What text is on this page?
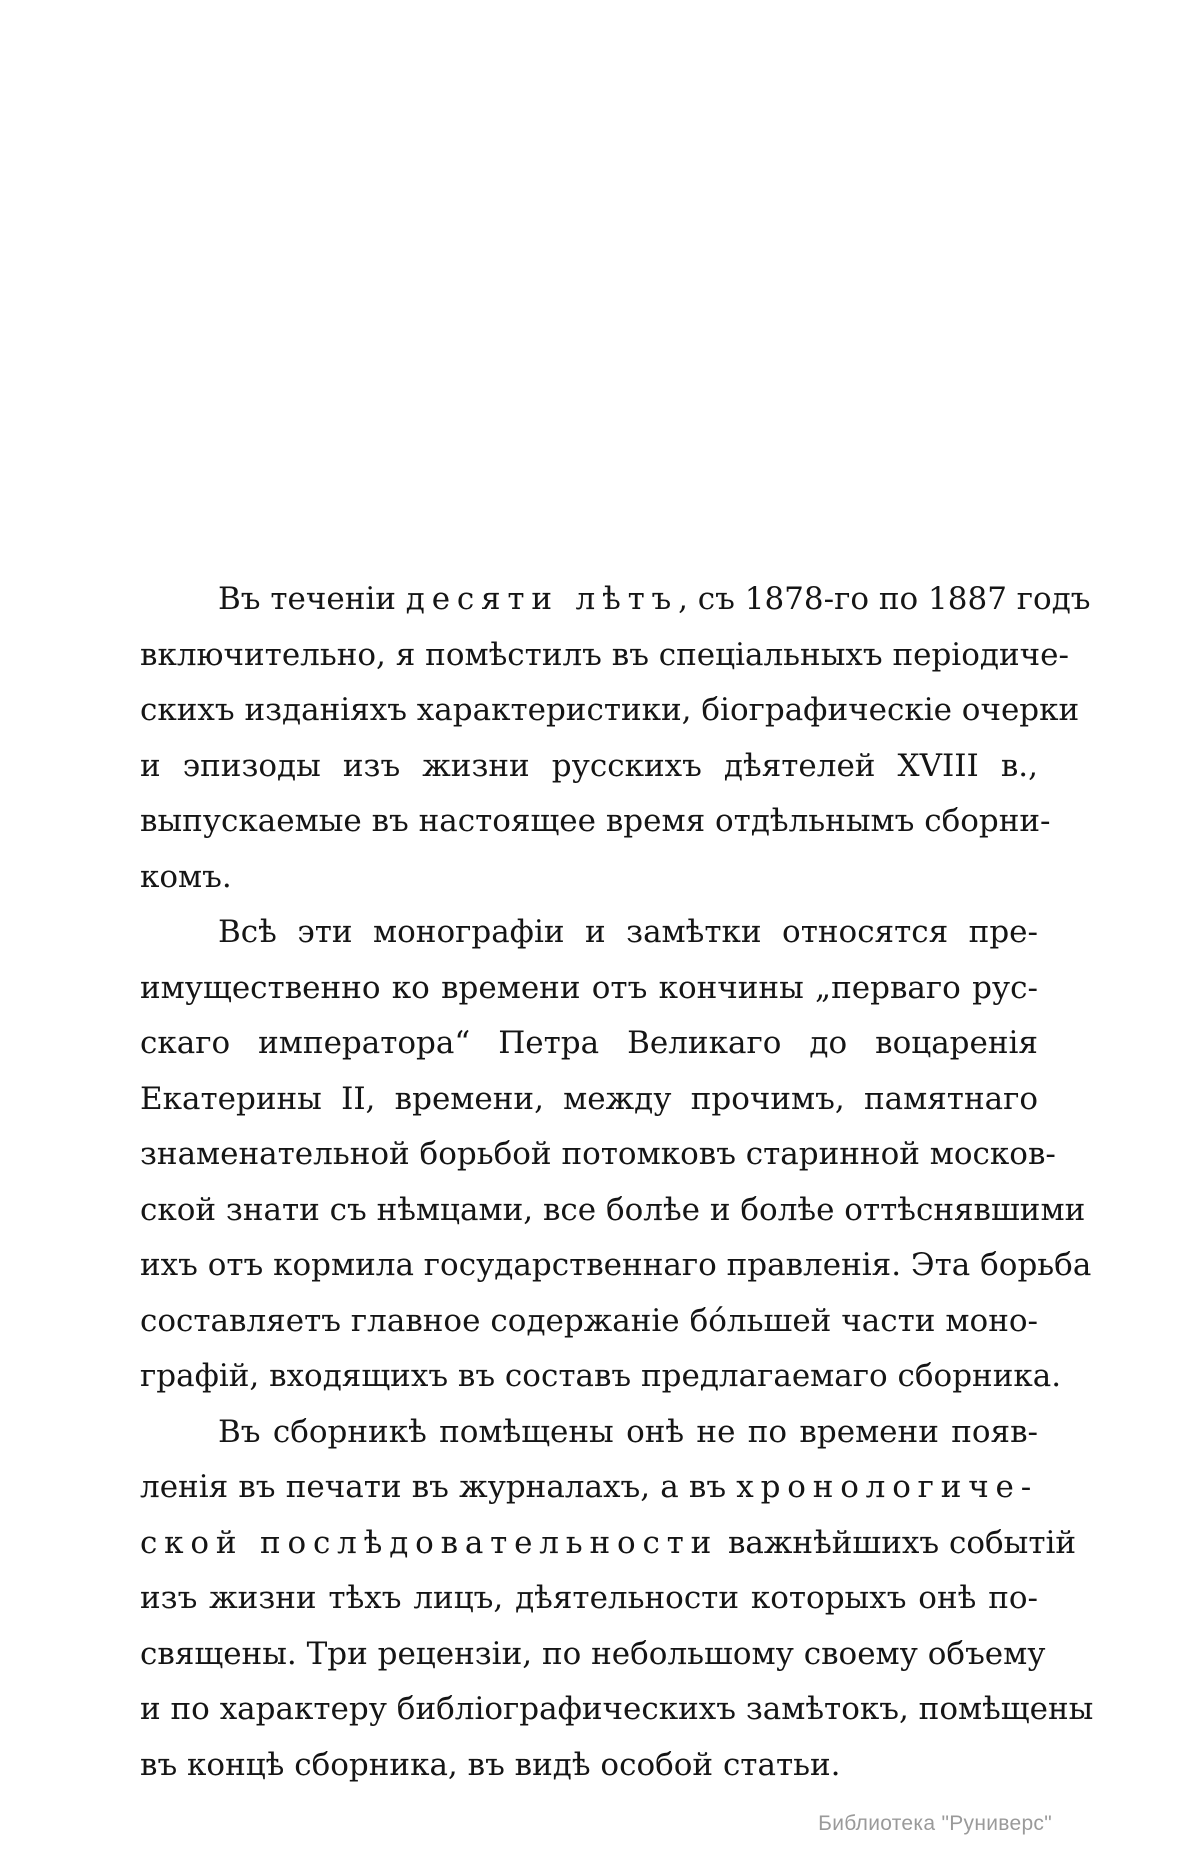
Въ теченіи десяти лѣтъ, съ 1878-го по 1887 годъ
включительно, я помѣстилъ въ спеціальныхъ періодиче-
скихъ изданіяхъ характеристики, біографическіе очерки
и эпизоды изъ жизни русскихъ дѣятелей XVIII в.,
выпускаемые въ настоящее время отдѣльнымъ сборни-
комъ.
Всѣ эти монографіи и замѣтки относятся пре-
имущественно ко времени отъ кончины „перваго рус-
скаго императора“ Петра Великаго до воцаренія
Екатерины II, времени, между прочимъ, памятнаго
знаменательной борьбой потомковъ старинной москов-
ской знати съ нѣмцами, все болѣе и болѣе оттѣснявшими
ихъ отъ кормила государственнаго правленія. Эта борьба
составляетъ главное содержаніе бо́льшей части моно-
графій, входящихъ въ составъ предлагаемаго сборника.
Въ сборникѣ помѣщены онѣ не по времени появ-
ленія въ печати въ журналахъ, а въ хронологиче-
ской послѣдовательности важнѣйшихъ событій
изъ жизни тѣхъ лицъ, дѣятельности которыхъ онѣ по-
священы. Три рецензіи, по небольшому своему объему
и по характеру библіографическихъ замѣтокъ, помѣщены
въ концѣ сборника, въ видѣ особой статьи.
Библиотека "Руниверс"
